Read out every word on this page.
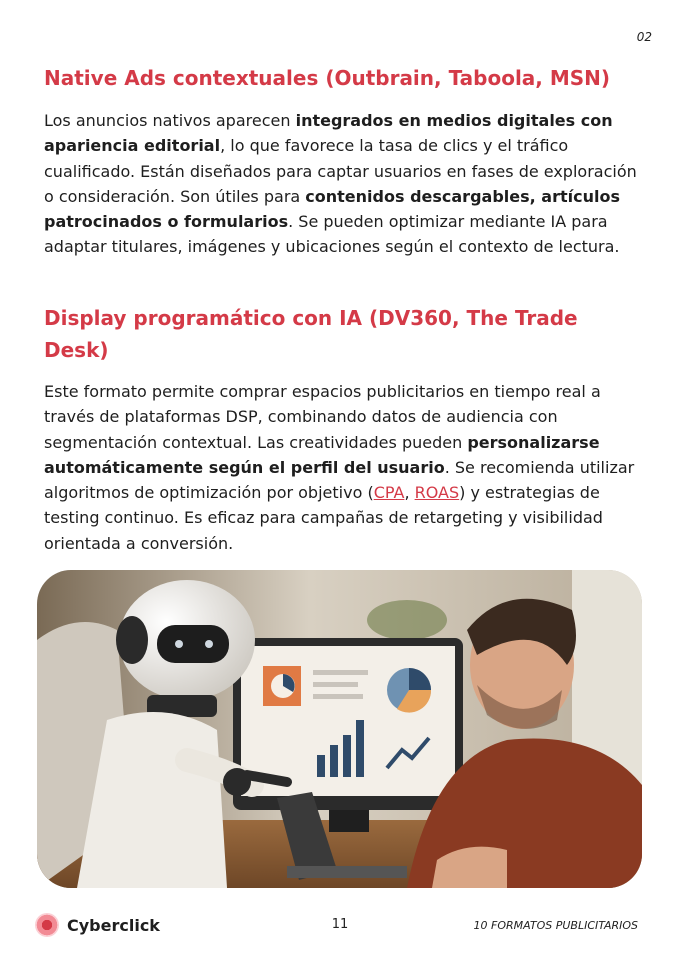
02
Native Ads contextuales (Outbrain, Taboola, MSN)

Los anuncios nativos aparecen integrados en medios digitales con apariencia editorial, lo que favorece la tasa de clics y el tráfico cualificado. Están diseñados para captar usuarios en fases de exploración o consideración. Son útiles para contenidos descargables, artículos patrocinados o formularios. Se pueden optimizar mediante IA para adaptar titulares, imágenes y ubicaciones según el contexto de lectura.

Display programático con IA (DV360, The Trade Desk)

Este formato permite comprar espacios publicitarios en tiempo real a través de plataformas DSP, combinando datos de audiencia con segmentación contextual. Las creatividades pueden personalizarse automáticamente según el perfil del usuario. Se recomienda utilizar algoritmos de optimización por objetivo (CPA, ROAS) y estrategias de testing continuo. Es eficaz para campañas de retargeting y visibilidad orientada a conversión.

Cyberclick	11	10 FORMATOS PUBLICITARIOS
